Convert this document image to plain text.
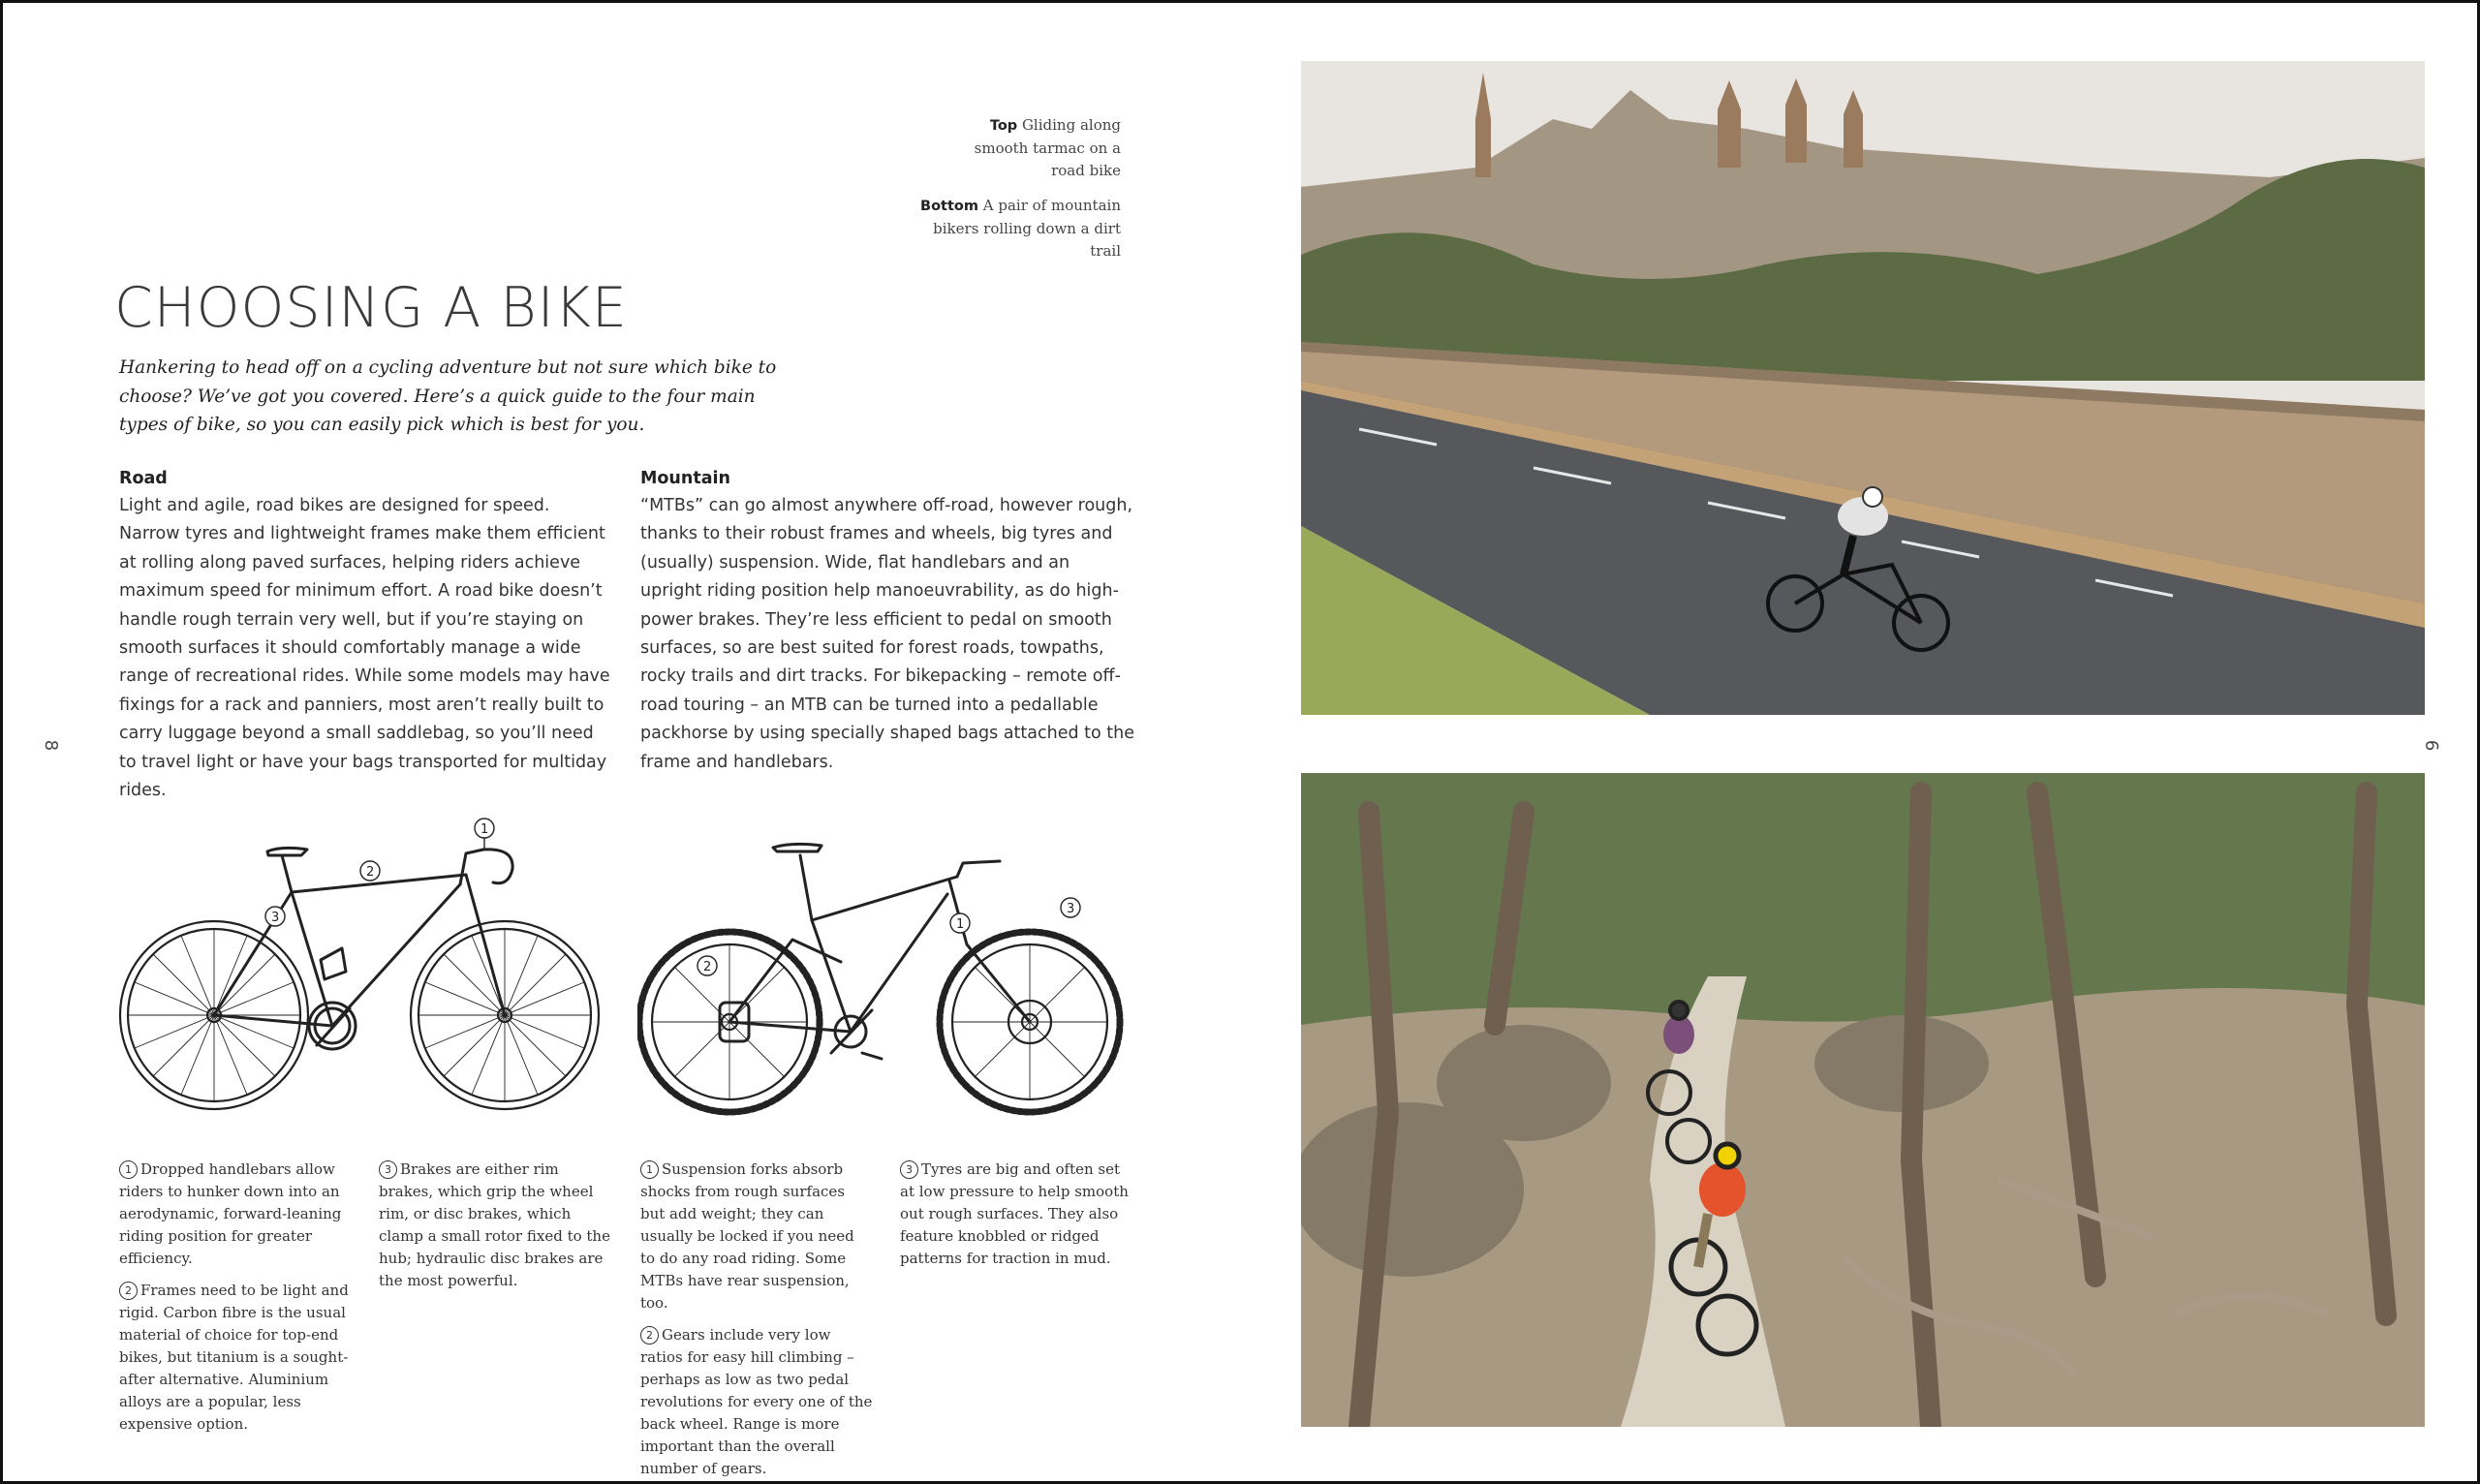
Top Gliding along smooth tarmac on a road bike
Bottom A pair of mountain bikers rolling down a dirt trail
CHOOSING A BIKE

Hankering to head off on a cycling adventure but not sure which bike to choose? We’ve got you covered. Here’s a quick guide to the four main types of bike, so you can easily pick which is best for you.

Road

Light and agile, road bikes are designed for speed. Narrow tyres and lightweight frames make them efficient at rolling along paved surfaces, helping riders achieve maximum speed for minimum effort. A road bike doesn’t handle rough terrain very well, but if you’re staying on smooth surfaces it should comfortably manage a wide range of recreational rides. While some models may have fixings for a rack and panniers, most aren’t really built to carry luggage beyond a small saddlebag, so you’ll need to travel light or have your bags transported for multiday rides.

Mountain

“MTBs” can go almost anywhere off-road, however rough, thanks to their robust frames and wheels, big tyres and (usually) suspension. Wide, flat handlebars and an upright riding position help manoeuvrability, as do high-power brakes. They’re less efficient to pedal on smooth surfaces, so are best suited for forest roads, towpaths, rocky trails and dirt tracks. For bikepacking – remote off-road touring – an MTB can be turned into a pedallable packhorse by using specially shaped bags attached to the frame and handlebars.

8	9
1
2
3	1
2
3

1 Dropped handlebars allow riders to hunker down into an aerodynamic, forward-leaning riding position for greater efficiency.

2 Frames need to be light and rigid. Carbon fibre is the usual material of choice for top-end bikes, but titanium is a sought-after alternative. Aluminium alloys are a popular, less expensive option.

3 Brakes are either rim brakes, which grip the wheel rim, or disc brakes, which clamp a small rotor fixed to the hub; hydraulic disc brakes are the most powerful.

1 Suspension forks absorb shocks from rough surfaces but add weight; they can usually be locked if you need to do any road riding. Some MTBs have rear suspension, too.

2 Gears include very low ratios for easy hill climbing – perhaps as low as two pedal revolutions for every one of the back wheel. Range is more important than the overall number of gears.

3 Tyres are big and often set at low pressure to help smooth out rough surfaces. They also feature knobbled or ridged patterns for traction in mud.
